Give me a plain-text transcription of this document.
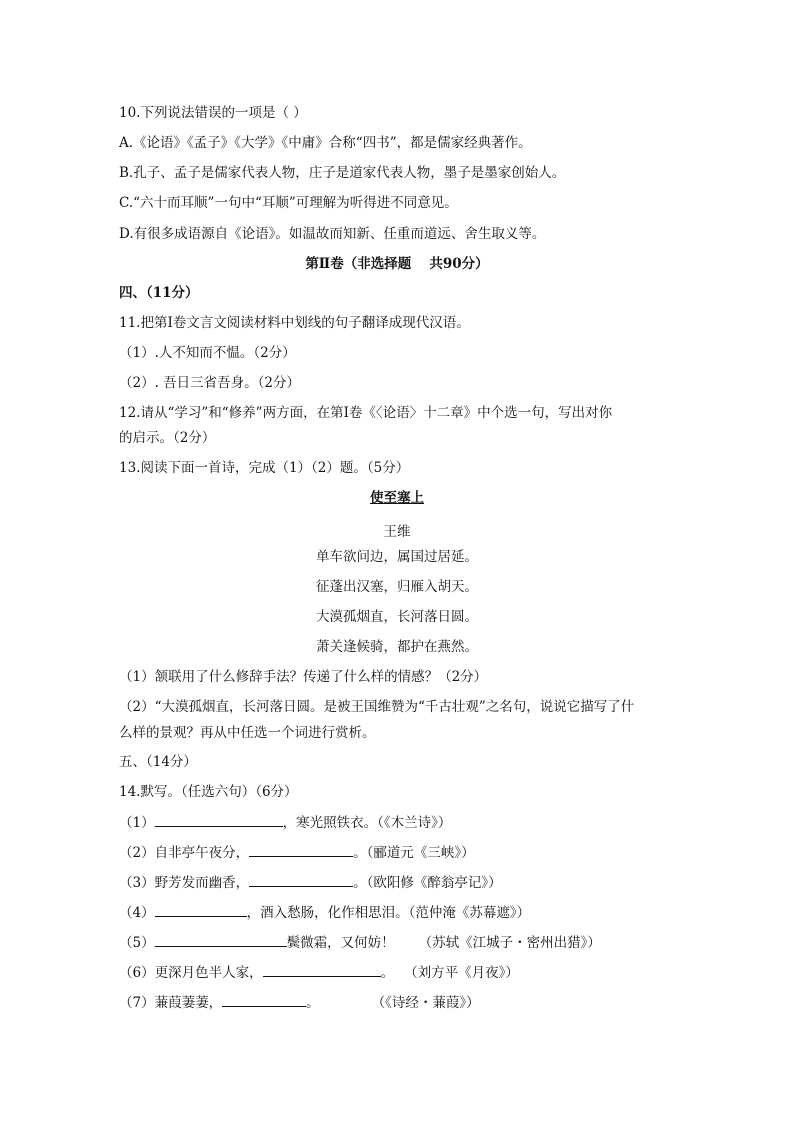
10.下列说法错误的一项是（ ）
A.《论语》《孟子》《大学》《中庸》合称“四书”，都是儒家经典著作。
B.孔子、孟子是儒家代表人物，庄子是道家代表人物，墨子是墨家创始人。
C.“六十而耳顺”一句中“耳顺”可理解为听得进不同意见。
D.有很多成语源自《论语》。如温故而知新、任重而道远、舍生取义等。
第Ⅱ卷（非选择题　 共90分）
四、（11分）
11.把第Ⅰ卷文言文阅读材料中划线的句子翻译成现代汉语。
（1）.人不知而不愠。（2分）
（2）. 吾日三省吾身。（2分）
12.请从“学习”和“修养”两方面，在第Ⅰ卷《〈论语〉十二章》中个选一句，写出对你
的启示。（2分）
13.阅读下面一首诗，完成（1）（2）题。（5分）
使至塞上
王维
单车欲问边，属国过居延。
征蓬出汉塞，归雁入胡天。
大漠孤烟直，长河落日圆。
萧关逢候骑，都护在燕然。
（1）颔联用了什么修辞手法？传递了什么样的情感？（2分）
（2）“大漠孤烟直，长河落日圆。是被王国维赞为“千古壮观”之名句，说说它描写了什
么样的景观？再从中任选一个词进行赏析。
五、（14分）
14.默写。（任选六句）（6分）
（1）	，寒光照铁衣。（《木兰诗》）
（2）自非亭午夜分，	。（郦道元《三峡》）
（3）野芳发而幽香，	。（欧阳修《醉翁亭记》）
（4）	，酒入愁肠，化作相思泪。（范仲淹《苏幕遮》）
（5）	鬓微霜，又何妨！ （苏轼《江城子・密州出猎》）
（6）更深月色半人家，	。 （刘方平《月夜》）
（7）蒹葭萋萋，	。	（《诗经・蒹葭》）
